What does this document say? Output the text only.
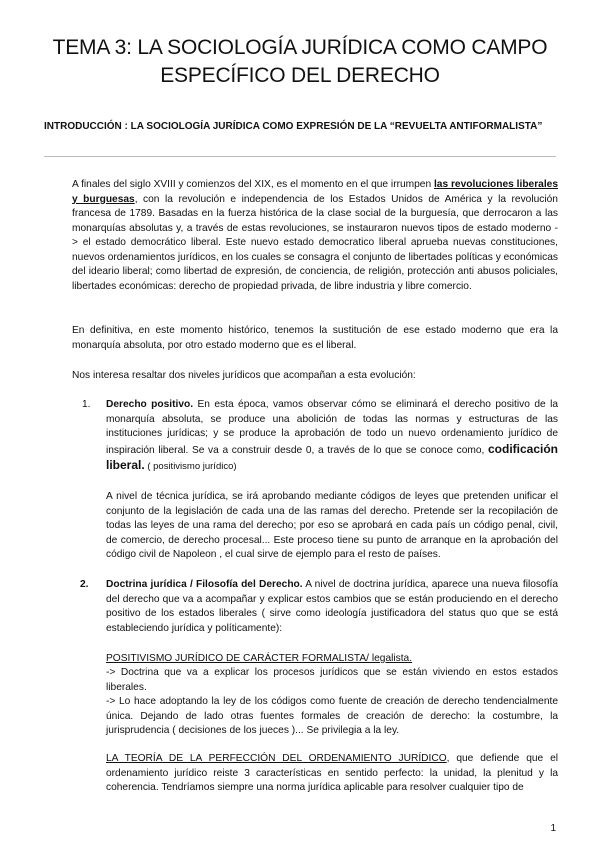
TEMA 3: LA SOCIOLOGÍA JURÍDICA COMO CAMPO ESPECÍFICO DEL DERECHO

INTRODUCCIÓN : LA SOCIOLOGÍA JURÍDICA COMO EXPRESIÓN DE LA “REVUELTA ANTIFORMALISTA”

A finales del siglo XVIII y comienzos del XIX, es el momento en el que irrumpen las revoluciones liberales y burguesas, con la revolución e independencia de los Estados Unidos de América y la revolución francesa de 1789. Basadas en la fuerza histórica de la clase social de la burguesía, que derrocaron a las monarquías absolutas y, a través de estas revoluciones, se instauraron nuevos tipos de estado moderno - > el estado democrático liberal. Este nuevo estado democratico liberal aprueba nuevas constituciones, nuevos ordenamientos jurídicos, en los cuales se consagra el conjunto de libertades políticas y económicas del ideario liberal; como libertad de expresión, de conciencia, de religión, protección anti abusos policiales, libertades económicas: derecho de propiedad privada, de libre industria y libre comercio.

En definitiva, en este momento histórico, tenemos la sustitución de ese estado moderno que era la monarquía absoluta, por otro estado moderno que es el liberal.

Nos interesa resaltar dos niveles jurídicos que acompañan a esta evolución:

1. Derecho positivo. En esta época, vamos observar cómo se eliminará el derecho positivo de la monarquía absoluta, se produce una abolición de todas las normas y estructuras de las instituciones jurídicas; y se produce la aprobación de todo un nuevo ordenamiento jurídico de inspiración liberal. Se va a construir desde 0, a través de lo que se conoce como, codificación liberal. ( positivismo jurídico)

A nivel de técnica jurídica, se irá aprobando mediante códigos de leyes que pretenden unificar el conjunto de la legislación de cada una de las ramas del derecho. Pretende ser la recopilación de todas las leyes de una rama del derecho; por eso se aprobará en cada país un código penal, civil, de comercio, de derecho procesal... Este proceso tiene su punto de arranque en la aprobación del código civil de Napoleon , el cual sirve de ejemplo para el resto de países.

2. Doctrina jurídica / Filosofía del Derecho. A nivel de doctrina jurídica, aparece una nueva filosofía del derecho que va a acompañar y explicar estos cambios que se están produciendo en el derecho positivo de los estados liberales ( sirve como ideología justificadora del status quo que se está estableciendo jurídica y políticamente):

POSITIVISMO JURÍDICO DE CARÁCTER FORMALISTA/ legalista.

-> Doctrina que va a explicar los procesos jurídicos que se están viviendo en estos estados liberales.

-> Lo hace adoptando la ley de los códigos como fuente de creación de derecho tendencialmente única. Dejando de lado otras fuentes formales de creación de derecho: la costumbre, la jurisprudencia ( decisiones de los jueces )... Se privilegia a la ley.

LA TEORÍA DE LA PERFECCIÓN DEL ORDENAMIENTO JURÍDICO, que defiende que el ordenamiento jurídico reiste 3 características en sentido perfecto: la unidad, la plenitud y la coherencia. Tendríamos siempre una norma jurídica aplicable para resolver cualquier tipo de

1
